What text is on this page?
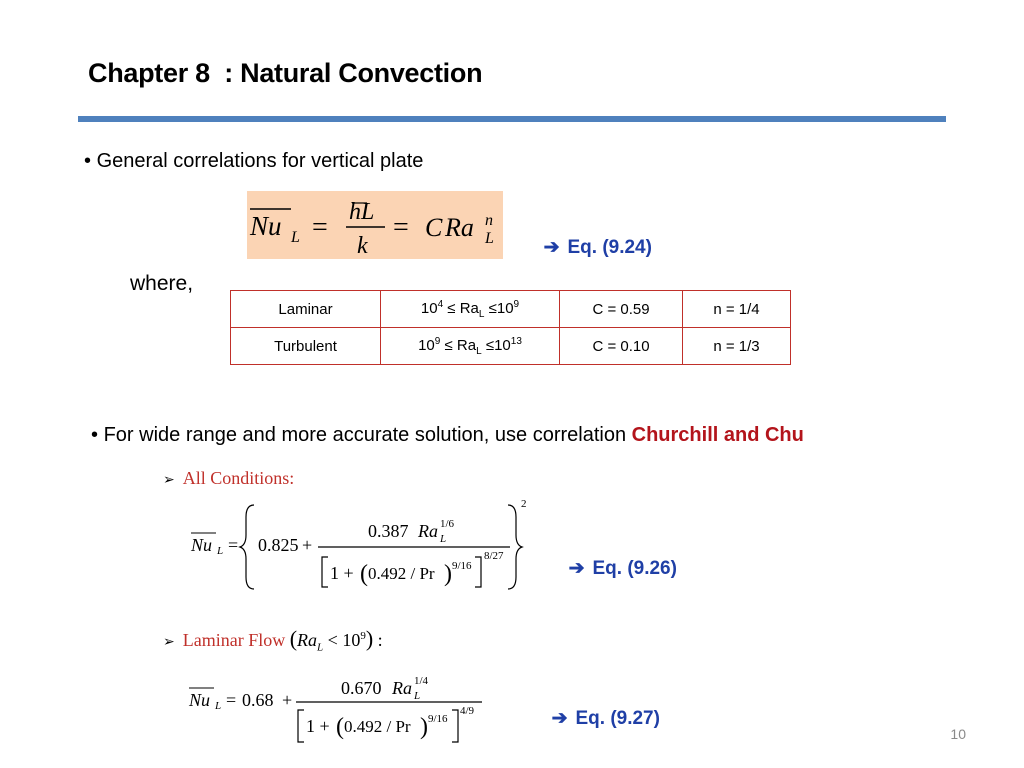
Chapter 8  : Natural Convection
• General correlations for vertical plate
Nu L = hL
k
= C Ra n
L	➔ Eq. (9.24)

where,
Laminar	$10^4 \le Ra_L \le 10^9$	C = 0.59	n = 1/4
Turbulent	$10^9 \le Ra_L \le 10^{13}$	C = 0.10	n = 1/3
• For wide range and more accurate solution, use correlation Churchill and Chu
➢ All Conditions:
Nu L = 0.825 +
0.387 Ra 1/6
L
1 + ( 0.492 / Pr ) 9/16
8/27
2

➔ Eq. (9.26)

➢ Laminar Flow $(Ra_L < 10^9)$ :
Nu L = 0.68 +
0.670 Ra 1/4
L
1 + ( 0.492 / Pr ) 9/16
4/9	➔ Eq. (9.27)

10
